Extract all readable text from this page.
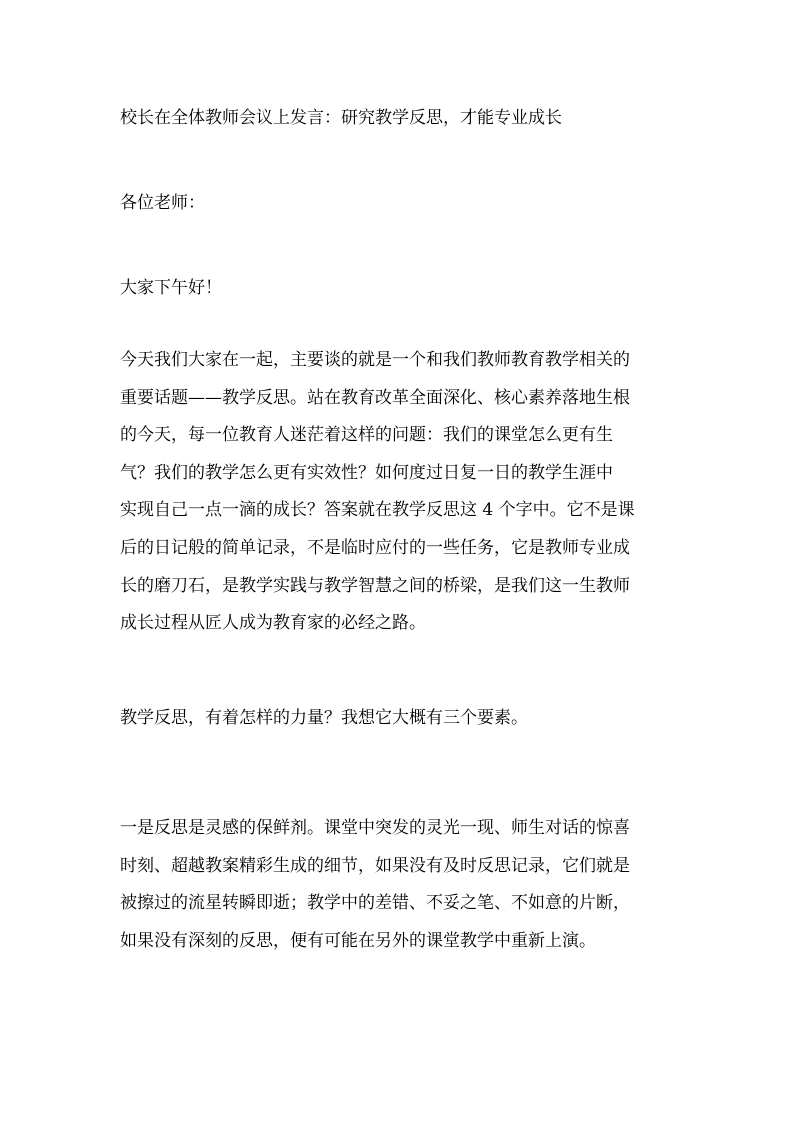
校长在全体教师会议上发言：研究教学反思，才能专业成长

各位老师：

大家下午好！

今天我们大家在一起，主要谈的就是一个和我们教师教育教学相关的
重要话题——教学反思。站在教育改革全面深化、核心素养落地生根
的今天，每一位教育人迷茫着这样的问题：我们的课堂怎么更有生
气？我们的教学怎么更有实效性？如何度过日复一日的教学生涯中
实现自己一点一滴的成长？答案就在教学反思这 4 个字中。它不是课
后的日记般的简单记录，不是临时应付的一些任务，它是教师专业成
长的磨刀石，是教学实践与教学智慧之间的桥梁，是我们这一生教师
成长过程从匠人成为教育家的必经之路。

教学反思，有着怎样的力量？我想它大概有三个要素。

一是反思是灵感的保鲜剂。课堂中突发的灵光一现、师生对话的惊喜
时刻、超越教案精彩生成的细节，如果没有及时反思记录，它们就是
被擦过的流星转瞬即逝；教学中的差错、不妥之笔、不如意的片断，
如果没有深刻的反思，便有可能在另外的课堂教学中重新上演。
